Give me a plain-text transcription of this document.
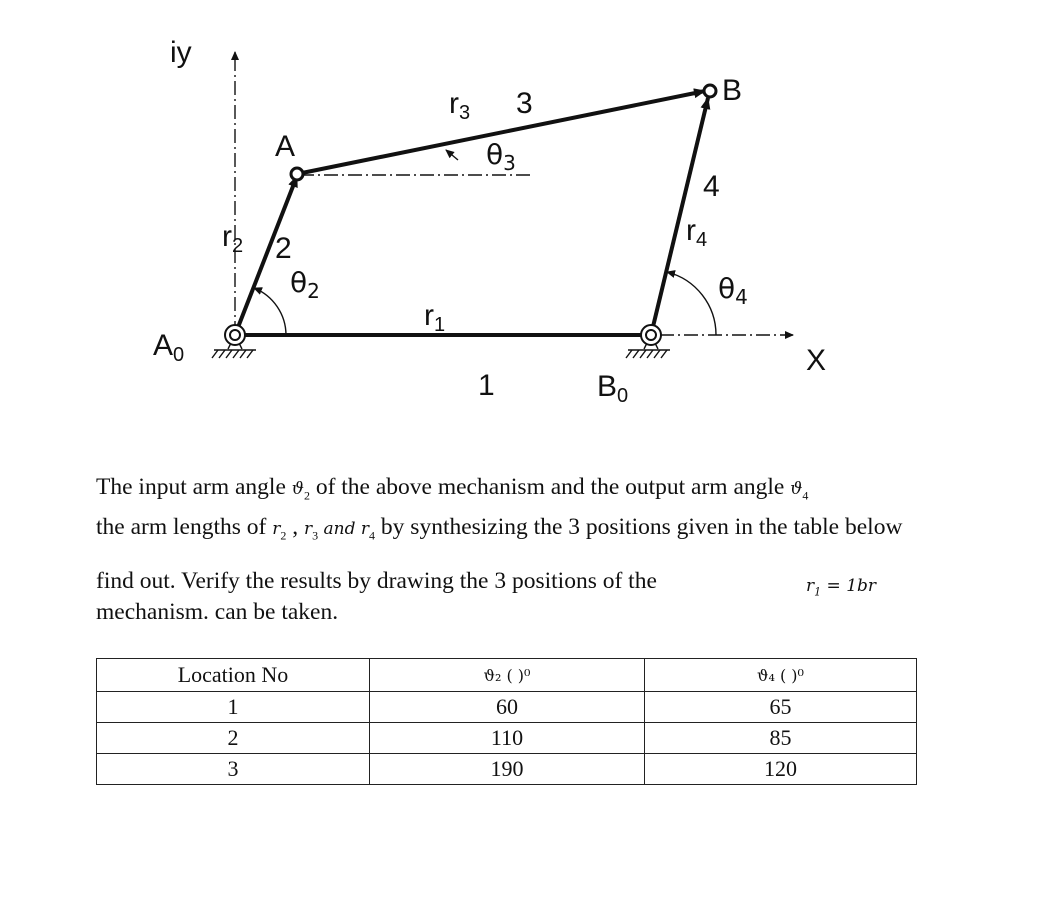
iy
X
$A_0$
A
B
$B_0$
$r_1$
$r_2$
$r_3$
$r_4$
1
2
3
4
$\theta_2$
$\theta_3$
$\theta_4$
The input arm angle $ϑ_2$ of the above mechanism and the output arm angle $ϑ_4$
the arm lengths of $r_2$ , $r_3$ and $r_4$ by synthesizing the 3 positions given in the table below
find out. Verify the results by drawing the 3 positions of the mechanism. can be taken.
$r_1 = 1br$
Location No	ϑ₂ ( )⁰	ϑ₄ ( )⁰
1	60	65
2	110	85
3	190	120
